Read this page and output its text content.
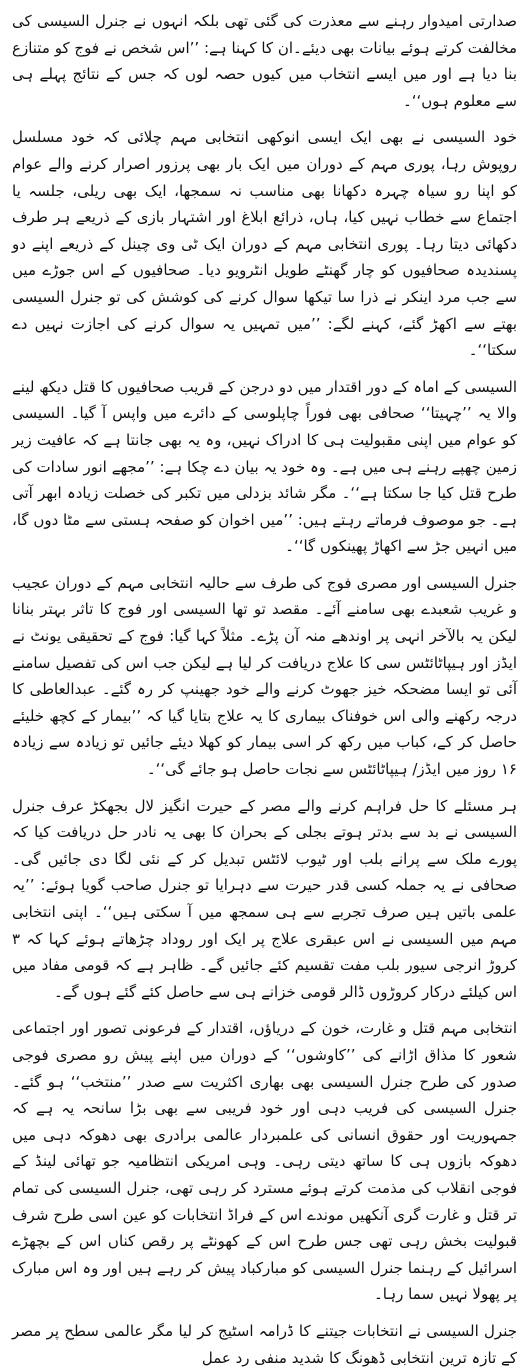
صدارتی امیدوار رہنے سے معذرت کی گئی تھی بلکہ انہوں نے جنرل السیسی کی مخالفت کرتے ہوئے بیانات بھی دیئے۔ان کا کہنا ہے: ’’اس شخص نے فوج کو متنازع بنا دیا ہے اور میں ایسے انتخاب میں کیوں حصہ لوں کہ جس کے نتائج پہلے ہی سے معلوم ہوں‘‘۔

خود السیسی نے بھی ایک ایسی انوکھی انتخابی مہم چلائی کہ خود مسلسل روپوش رہا، پوری مہم کے دوران میں ایک بار بھی پرزور اصرار کرنے والے عوام کو اپنا رو سیاہ چہرہ دکھانا بھی مناسب نہ سمجھا، ایک بھی ریلی، جلسہ یا اجتماع سے خطاب نہیں کیا، ہاں، ذرائع ابلاغ اور اشتہار بازی کے ذریعے ہر طرف دکھائی دیتا رہا۔ پوری انتخابی مہم کے دوران ایک ٹی وی چینل کے ذریعے اپنے دو پسندیدہ صحافیوں کو چار گھنٹے طویل انٹرویو دیا۔ صحافیوں کے اس جوڑے میں سے جب مرد اینکر نے ذرا سا تیکھا سوال کرنے کی کوشش کی تو جنرل السیسی بھتے سے اکھڑ گئے، کہنے لگے: ’’میں تمہیں یہ سوال کرنے کی اجازت نہیں دے سکتا‘‘۔

السیسی کے اماہ کے دور اقتدار میں دو درجن کے قریب صحافیوں کا قتل دیکھ لینے والا یہ ’’چہیتا‘‘ صحافی بھی فوراً چاپلوسی کے دائرے میں واپس آ گیا۔ السیسی کو عوام میں اپنی مقبولیت ہی کا ادراک نہیں، وہ یہ بھی جانتا ہے کہ عافیت زیر زمین چھپے رہنے ہی میں ہے۔ وہ خود یہ بیان دے چکا ہے: ’’مجھے انور سادات کی طرح قتل کیا جا سکتا ہے‘‘۔ مگر شائد بزدلی میں تکبر کی خصلت زیادہ ابھر آتی ہے۔ جو موصوف فرماتے رہتے ہیں: ’’میں اخوان کو صفحہ ہستی سے مٹا دوں گا، میں انہیں جڑ سے اکھاڑ پھینکوں گا‘‘۔

جنرل السیسی اور مصری فوج کی طرف سے حالیہ انتخابی مہم کے دوران عجیب و غریب شعبدے بھی سامنے آئے۔ مقصد تو تھا السیسی اور فوج کا تاثر بہتر بنانا لیکن یہ بالآخر انہی پر اوندھے منہ آن پڑے۔ مثلاً کہا گیا: فوج کے تحقیقی یونٹ نے ایڈز اور ہیپاٹائٹس سی کا علاج دریافت کر لیا ہے لیکن جب اس کی تفصیل سامنے آئی تو ایسا مضحکہ خیز جھوٹ کرنے والے خود جھینپ کر رہ گئے۔ عبدالعاطی کا درجہ رکھنے والی اس خوفناک بیماری کا یہ علاج بتایا گیا کہ ’’بیمار کے کچھ خلیئے حاصل کر کے، کباب میں رکھ کر اسی بیمار کو کھلا دیئے جائیں تو زیادہ سے زیادہ ۱۶ روز میں ایڈز/ ہیپاٹائٹس سے نجات حاصل ہو جائے گی‘‘۔

ہر مسئلے کا حل فراہم کرنے والے مصر کے حیرت انگیز لال بجھکڑ عرف جنرل السیسی نے بد سے بدتر ہوتے بجلی کے بحران کا بھی یہ نادر حل دریافت کیا کہ پورے ملک سے پرانے بلب اور ٹیوب لائٹس تبدیل کر کے نئی لگا دی جائیں گی۔ صحافی نے یہ جملہ کسی قدر حیرت سے دہرایا تو جنرل صاحب گویا ہوئے: ’’یہ علمی باتیں ہیں صرف تجربے سے ہی سمجھ میں آ سکتی ہیں‘‘۔ اپنی انتخابی مہم میں السیسی نے اس عبقری علاج پر ایک اور روداد چڑھاتے ہوئے کہا کہ ۳ کروڑ انرجی سیور بلب مفت تقسیم کئے جائیں گے۔ ظاہر ہے کہ قومی مفاد میں اس کیلئے درکار کروڑوں ڈالر قومی خزانے ہی سے حاصل کئے گئے ہوں گے۔

انتخابی مہم قتل و غارت، خون کے دریاؤں، اقتدار کے فرعونی تصور اور اجتماعی شعور کا مذاق اڑانے کی ’’کاوشوں‘‘ کے دوران میں اپنے پیش رو مصری فوجی صدور کی طرح جنرل السیسی بھی بھاری اکثریت سے صدر ’’منتخب‘‘ ہو گئے۔ جنرل السیسی کی فریب دہی اور خود فریبی سے بھی بڑا سانحہ یہ ہے کہ جمہوریت اور حقوق انسانی کی علمبردار عالمی برادری بھی دھوکہ دہی میں دھوکہ بازوں ہی کا ساتھ دیتی رہی۔ وہی امریکی انتظامیہ جو تھائی لینڈ کے فوجی انقلاب کی مذمت کرتے ہوئے مسترد کر رہی تھی، جنرل السیسی کی تمام تر قتل و غارت گری آنکھیں موندے اس کے فراڈ انتخابات کو عین اسی طرح شرف قبولیت بخش رہی تھی جس طرح اس کے کھونٹے پر رقص کناں اس کے بچھڑے اسرائیل کے رہنما جنرل السیسی کو مبارکباد پیش کر رہے ہیں اور وہ اس مبارک پر پھولا نہیں سما رہا۔

جنرل السیسی نے انتخابات جیتنے کا ڈرامہ اسٹیج کر لیا مگر عالمی سطح پر مصر کے تازہ ترین انتخابی ڈھونگ کا شدید منفی رد عمل
